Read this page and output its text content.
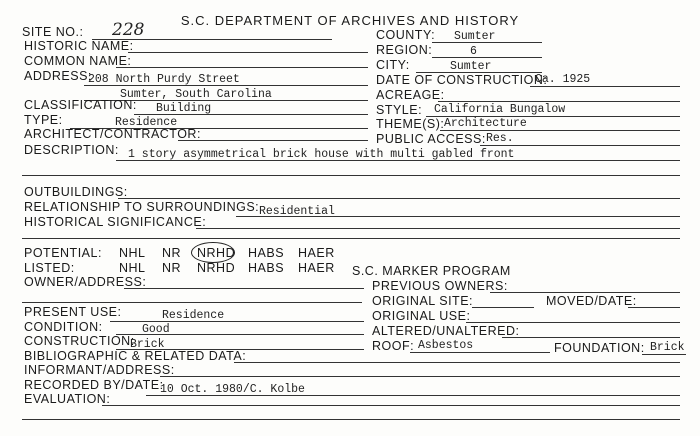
S.C. DEPARTMENT OF ARCHIVES AND HISTORY
SITE NO.: 228
HISTORIC NAME:
COMMON NAME:
ADDRESS:
208 North Purdy Street
Sumter, South Carolina
CLASSIFICATION: Building
TYPE:	Residence
ARCHITECT/CONTRACTOR:
COUNTY: Sumter
REGION:	6
CITY:	Sumter
DATE OF CONSTRUCTION:
Ca. 1925
ACREAGE:
STYLE: California Bungalow
THEME(S): Architecture
PUBLIC ACCESS: Res.
DESCRIPTION: 1 story asymmetrical brick house with multi gabled front
OUTBUILDINGS:
RELATIONSHIP TO SURROUNDINGS: Residential
HISTORICAL SIGNIFICANCE:
POTENTIAL: NHL NR NRHD HABS HAER
LISTED:	NHL NR NRHD HABS HAER S.C. MARKER PROGRAM
OWNER/ADDRESS:	PREVIOUS OWNERS:
ORIGINAL SITE:	MOVED/DATE:
PRESENT USE:	Residence	ORIGINAL USE:
CONDITION:	Good	ALTERED/UNALTERED:
CONSTRUCTION:
Brick	ROOF: Asbestos	FOUNDATION: Brick
BIBLIOGRAPHIC & RELATED DATA:
INFORMANT/ADDRESS:
RECORDED BY/DATE:
10 Oct. 1980/C. Kolbe
EVALUATION:
